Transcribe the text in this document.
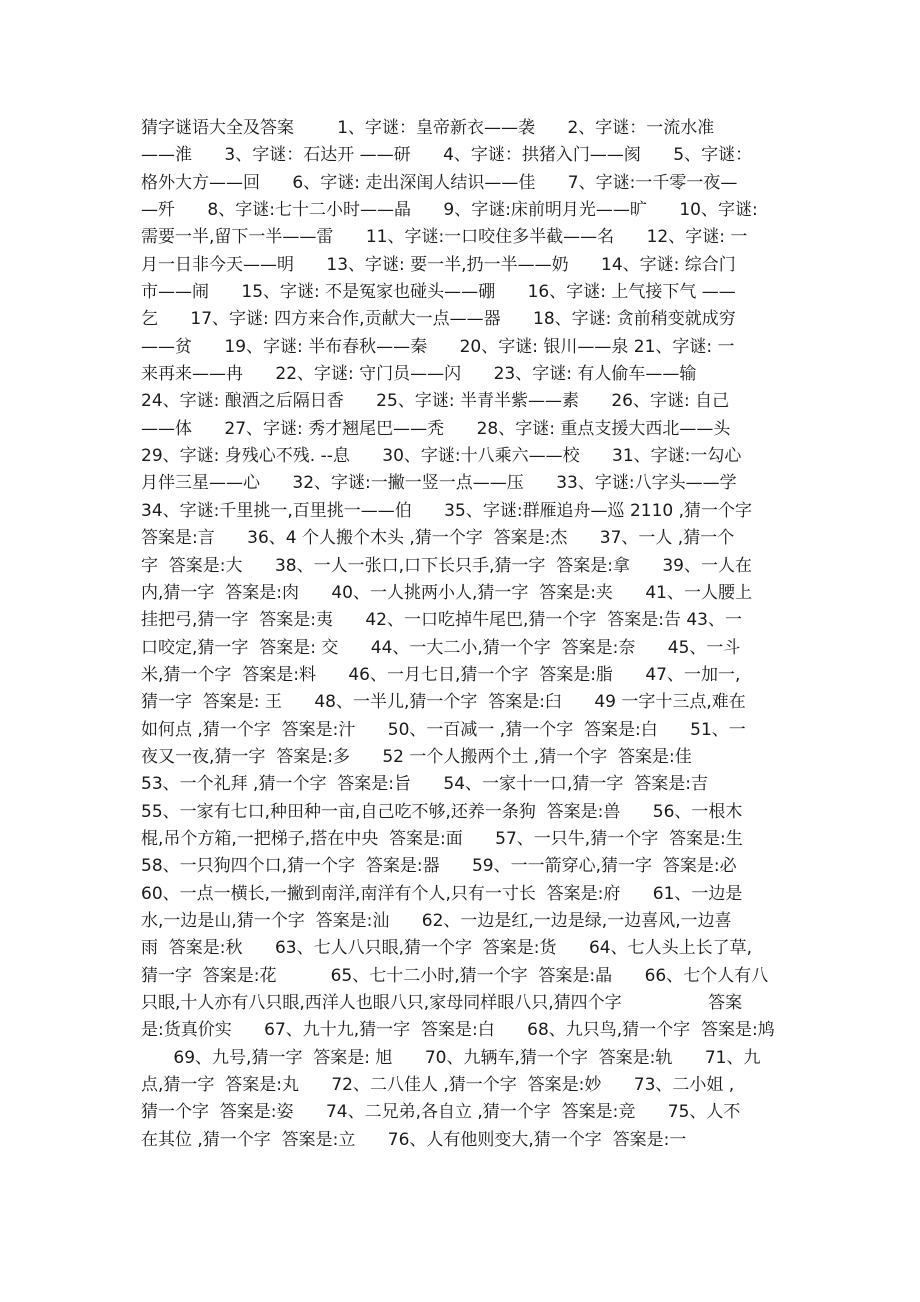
猜字谜语大全及答案        1、字谜：皇帝新衣——袭      2、字谜：一流水准
——淮      3、字谜：石达开 ——研      4、字谜：拱猪入门——阂      5、字谜：
格外大方——回      6、字谜: 走出深闺人结识——佳      7、字谜:一千零一夜—
—歼      8、字谜:七十二小时——晶      9、字谜:床前明月光——旷      10、字谜:
需要一半,留下一半——雷      11、字谜:一口咬住多半截——名      12、字谜: 一
月一日非今天——明      13、字谜: 要一半,扔一半——奶      14、字谜: 综合门
市——闹      15、字谜: 不是冤家也碰头——硼      16、字谜: 上气接下气 ——
乞      17、字谜: 四方来合作,贡献大一点——器      18、字谜: 贪前稍变就成穷
——贫      19、字谜: 半布春秋——秦      20、字谜: 银川——泉 21、字谜: 一
来再来——冉      22、字谜: 守门员——闪      23、字谜: 有人偷车——输
24、字谜: 酿酒之后隔日香      25、字谜: 半青半紫——素      26、字谜: 自己
——体      27、字谜: 秀才翘尾巴——秃      28、字谜: 重点支援大西北——头
29、字谜: 身残心不残. --息      30、字谜:十八乘六——校      31、字谜:一勾心
月伴三星——心      32、字谜:一撇一竖一点——压      33、字谜:八字头——学
34、字谜:千里挑一,百里挑一——伯      35、字谜:群雁追舟—巡 2110 ,猜一个字
答案是:言      36、4 个人搬个木头 ,猜一个字  答案是:杰      37、一人 ,猜一个
字  答案是:大      38、一人一张口,口下长只手,猜一字  答案是:拿      39、一人在
内,猜一字  答案是:肉      40、一人挑两小人,猜一字  答案是:夹      41、一人腰上
挂把弓,猜一字  答案是:夷      42、一口吃掉牛尾巴,猜一个字  答案是:告 43、一
口咬定,猜一字  答案是: 交      44、一大二小,猜一个字  答案是:奈      45、一斗
米,猜一个字  答案是:料      46、一月七日,猜一个字  答案是:脂      47、一加一,
猜一字  答案是: 王      48、一半儿,猜一个字  答案是:臼      49 一字十三点,难在
如何点 ,猜一个字  答案是:汁      50、一百减一 ,猜一个字  答案是:白      51、一
夜又一夜,猜一字  答案是:多      52 一个人搬两个土 ,猜一个字  答案是:佳
53、一个礼拜 ,猜一个字  答案是:旨      54、一家十一口,猜一字  答案是:吉
55、一家有七口,种田种一亩,自己吃不够,还养一条狗  答案是:兽      56、一根木
棍,吊个方箱,一把梯子,搭在中央  答案是:面      57、一只牛,猜一个字  答案是:生
58、一只狗四个口,猜一个字  答案是:器      59、一一箭穿心,猜一字  答案是:必
60、一点一横长,一撇到南洋,南洋有个人,只有一寸长  答案是:府      61、一边是
水,一边是山,猜一个字  答案是:汕      62、一边是红,一边是绿,一边喜风,一边喜
雨  答案是:秋      63、七人八只眼,猜一个字  答案是:货      64、七人头上长了草,
猜一字  答案是:花          65、七十二小时,猜一个字  答案是:晶      66、七个人有八
只眼,十人亦有八只眼,西洋人也眼八只,家母同样眼八只,猜四个字                答案
是:货真价实      67、九十九,猜一字  答案是:白      68、九只鸟,猜一个字  答案是:鸠
69、九号,猜一字  答案是: 旭      70、九辆车,猜一个字  答案是:轨      71、九
点,猜一字  答案是:丸      72、二八佳人 ,猜一个字  答案是:妙      73、二小姐 ,
猜一个字  答案是:姿      74、二兄弟,各自立 ,猜一个字  答案是:竞      75、人不
在其位 ,猜一个字  答案是:立      76、人有他则变大,猜一个字  答案是:一
